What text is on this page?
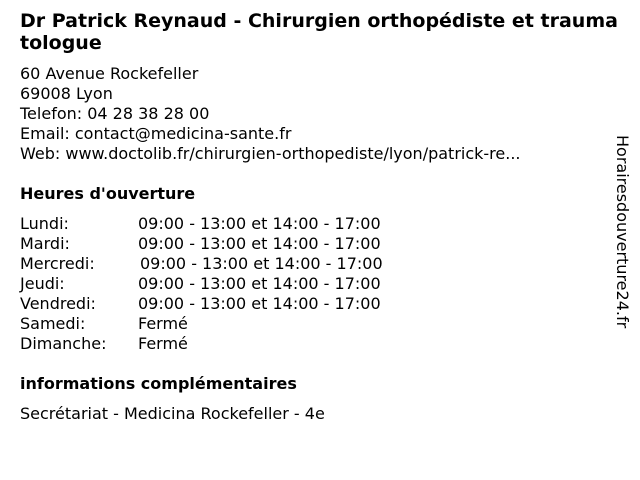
Dr Patrick Reynaud - Chirurgien orthopédiste et traumatologue
60 Avenue Rockefeller
69008 Lyon
Telefon: 04 28 38 28 00
Email: contact@medicina-sante.fr
Web: www.doctolib.fr/chirurgien-orthopediste/lyon/patrick-re...
Heures d'ouverture
Lundi:	09:00 - 13:00 et 14:00 - 17:00
Mardi:	09:00 - 13:00 et 14:00 - 17:00
Mercredi:	09:00 - 13:00 et 14:00 - 17:00
Jeudi:	09:00 - 13:00 et 14:00 - 17:00
Vendredi:	09:00 - 13:00 et 14:00 - 17:00
Samedi:	Fermé
Dimanche: Fermé
informations complémentaires
Secrétariat - Medicina Rockefeller - 4e
Horairesdouverture24.fr
